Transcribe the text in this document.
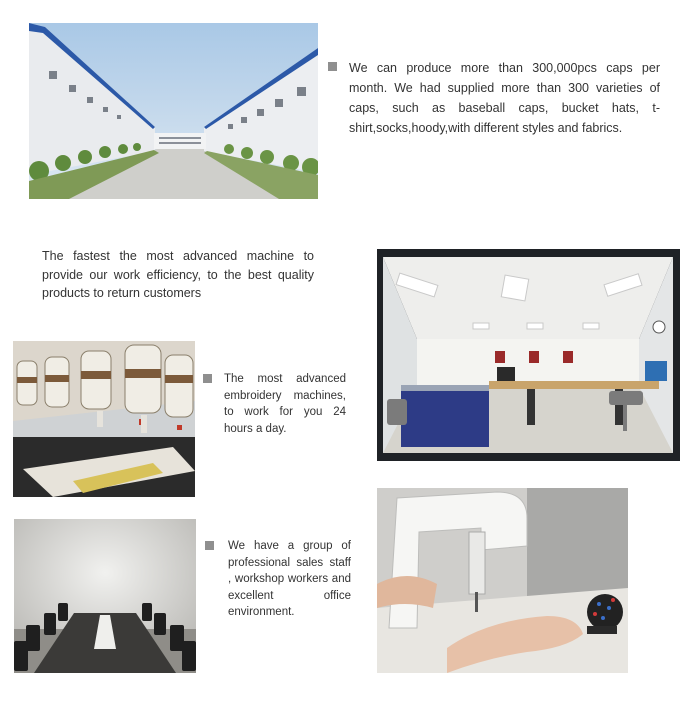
We can produce more than 300,000pcs caps per month. We had supplied more than 300 varieties of caps, such as baseball caps, bucket hats, t-shirt,socks,hoody,with different styles and fabrics.

The fastest the most advanced machine to provide our work efficiency, to the best quality products to return customers

The most advanced embroidery machines, to work for you 24 hours a day.

We have a group of professional sales staff , workshop workers and excellent office environment.
